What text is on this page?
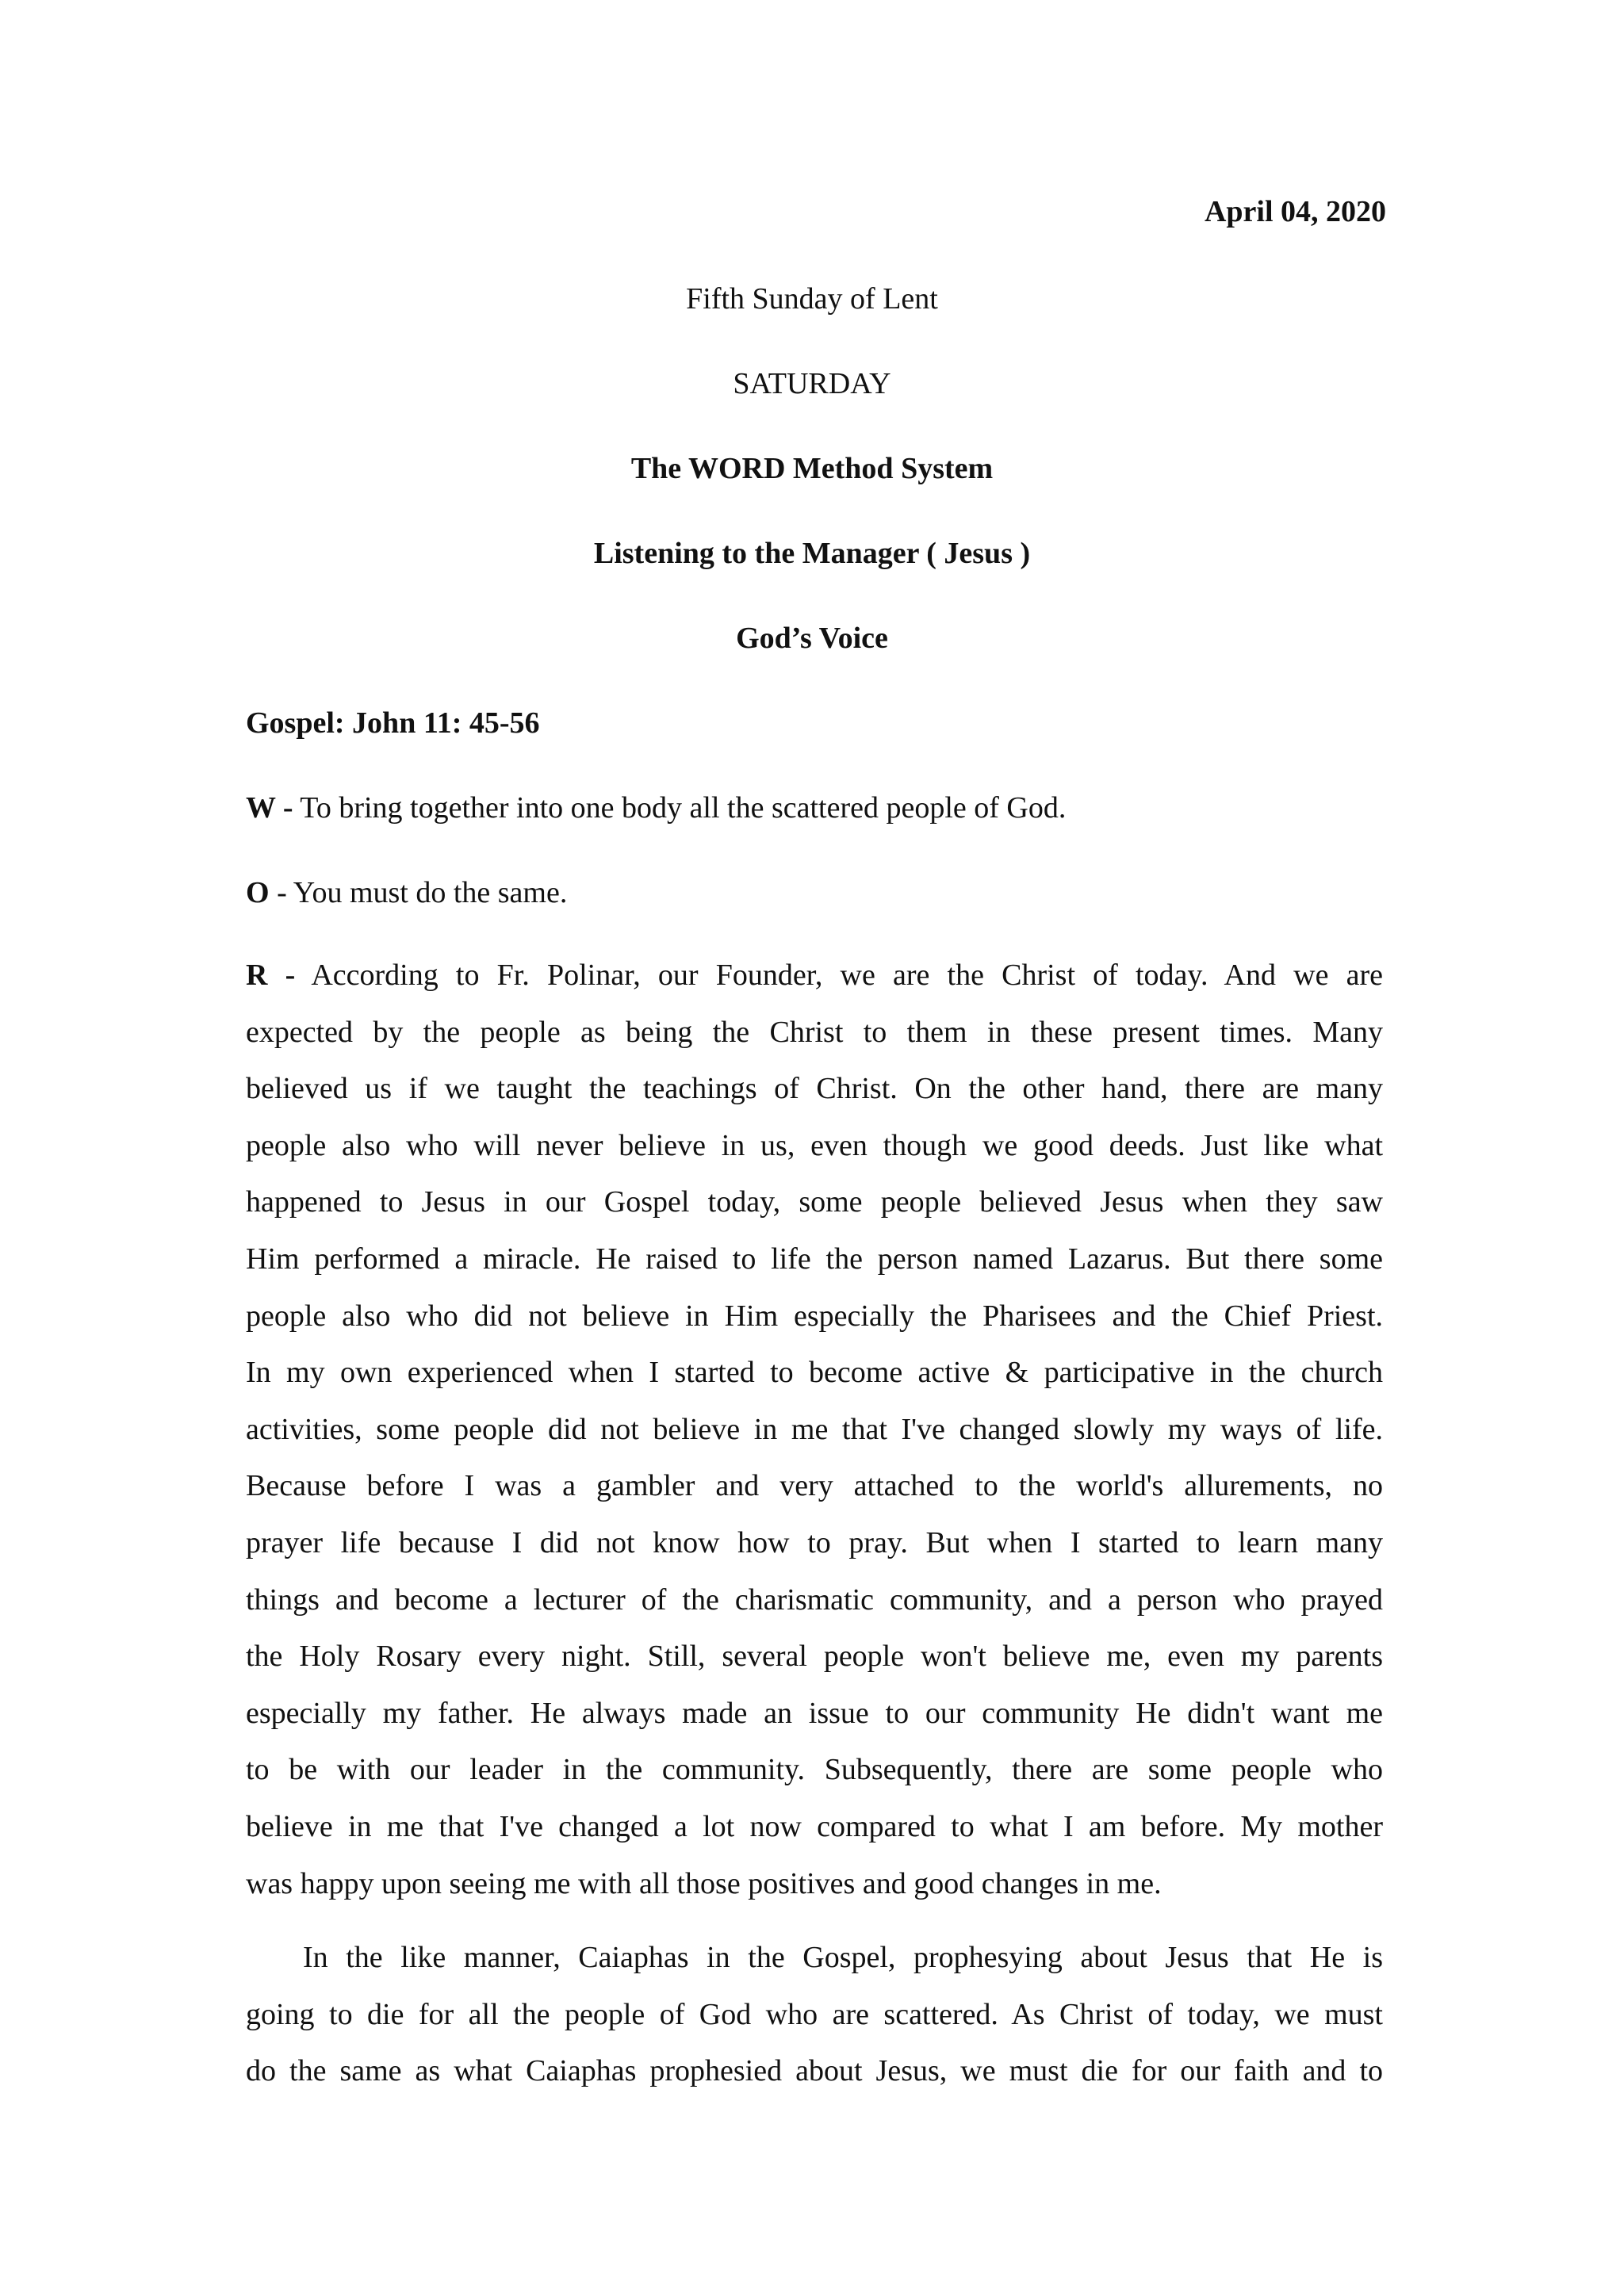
April 04, 2020
Fifth Sunday of Lent
SATURDAY
The WORD Method System
Listening to the Manager ( Jesus )
God’s Voice
Gospel: John 11: 45-56
W - To bring together into one body all the scattered people of God.
O - You must do the same.
R - According to Fr. Polinar, our Founder, we are the Christ of today. And we are
expected by the people as being the Christ to them in these present times. Many
believed us if we taught the teachings of Christ. On the other hand, there are many
people also who will never believe in us, even though we good deeds. Just like what
happened to Jesus in our Gospel today, some people believed Jesus when they saw
Him performed a miracle. He raised to life the person named Lazarus. But there some
people also who did not believe in Him especially the Pharisees and the Chief Priest.
In my own experienced when I started to become active & participative in the church
activities, some people did not believe in me that I've changed slowly my ways of life.
Because before I was a gambler and very attached to the world's allurements, no
prayer life because I did not know how to pray. But when I started to learn many
things and become a lecturer of the charismatic community, and a person who prayed
the Holy Rosary every night. Still, several people won't believe me, even my parents
especially my father. He always made an issue to our community He didn't want me
to be with our leader in the community. Subsequently, there are some people who
believe in me that I've changed a lot now compared to what I am before. My mother
was happy upon seeing me with all those positives and good changes in me.
In the like manner, Caiaphas in the Gospel, prophesying about Jesus that He is
going to die for all the people of God who are scattered. As Christ of today, we must
do the same as what Caiaphas prophesied about Jesus, we must die for our faith and to
